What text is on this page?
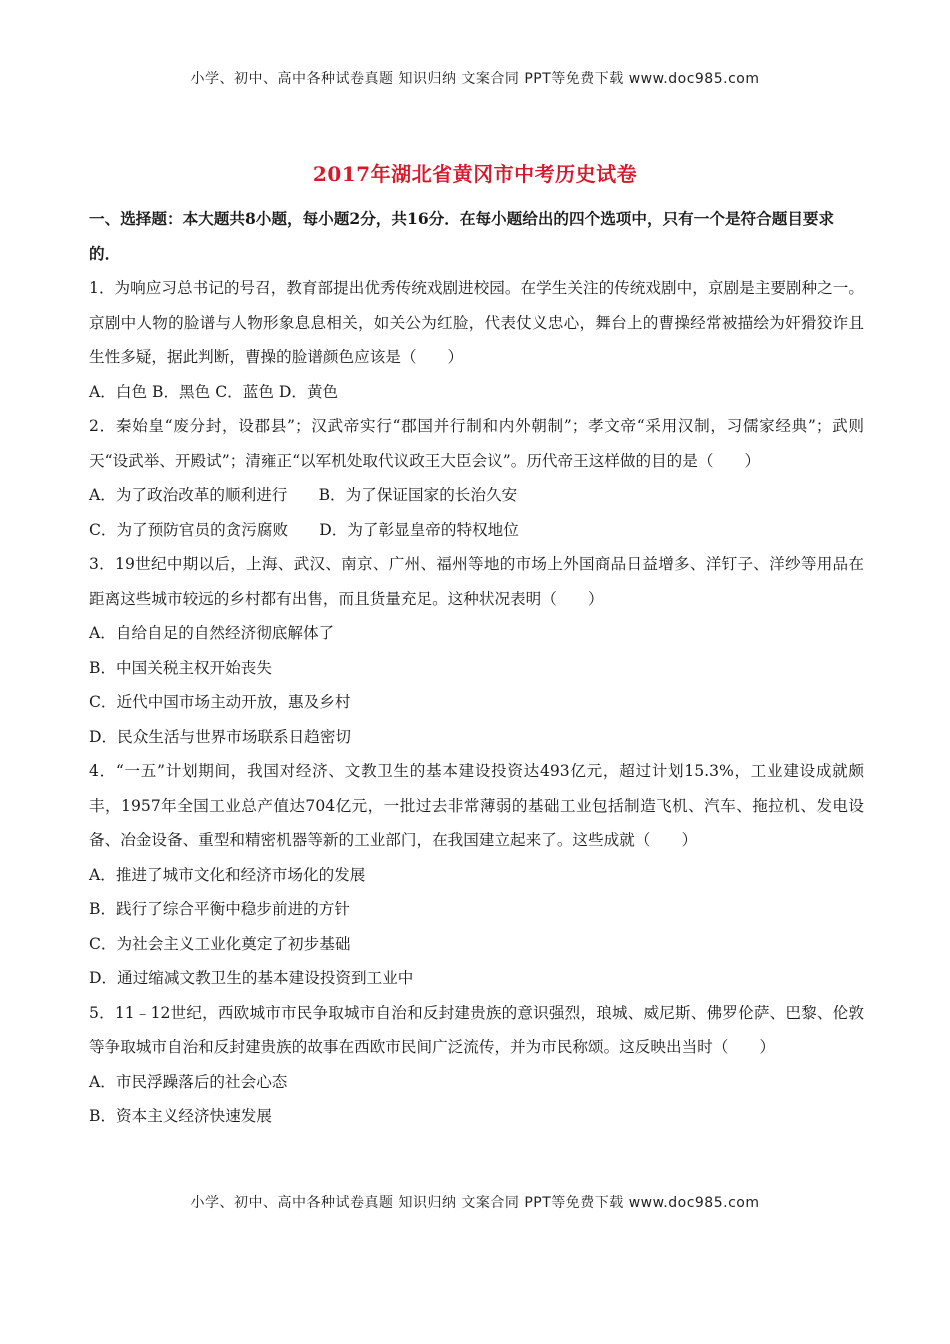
小学、初中、高中各种试卷真题 知识归纳 文案合同 PPT等免费下载 www.doc985.com
2017年湖北省黄冈市中考历史试卷
一、选择题：本大题共8小题，每小题2分，共16分．在每小题给出的四个选项中，只有一个是符合题目要求的．

1．为响应习总书记的号召，教育部提出优秀传统戏剧进校园。在学生关注的传统戏剧中，京剧是主要剧种之一。京剧中人物的脸谱与人物形象息息相关，如关公为红脸，代表仗义忠心，舞台上的曹操经常被描绘为奸猾狡诈且生性多疑，据此判断，曹操的脸谱颜色应该是（　　）

A．白色 B．黑色 C．蓝色 D．黄色

2．秦始皇“废分封，设郡县”；汉武帝实行“郡国并行制和内外朝制”；孝文帝“采用汉制，习儒家经典”；武则天“设武举、开殿试”；清雍正“以军机处取代议政王大臣会议”。历代帝王这样做的目的是（　　）

A．为了政治改革的顺利进行　　B．为了保证国家的长治久安

C．为了预防官员的贪污腐败　　D．为了彰显皇帝的特权地位

3．19世纪中期以后，上海、武汉、南京、广州、福州等地的市场上外国商品日益增多、洋钉子、洋纱等用品在距离这些城市较远的乡村都有出售，而且货量充足。这种状况表明（　　）

A．自给自足的自然经济彻底解体了

B．中国关税主权开始丧失

C．近代中国市场主动开放，惠及乡村

D．民众生活与世界市场联系日趋密切

4．“一五”计划期间，我国对经济、文教卫生的基本建设投资达493亿元，超过计划15.3%，工业建设成就颇丰，1957年全国工业总产值达704亿元，一批过去非常薄弱的基础工业包括制造飞机、汽车、拖拉机、发电设备、冶金设备、重型和精密机器等新的工业部门，在我国建立起来了。这些成就（　　）

A．推进了城市文化和经济市场化的发展

B．践行了综合平衡中稳步前进的方针

C．为社会主义工业化奠定了初步基础

D．通过缩减文教卫生的基本建设投资到工业中

5．11﹣12世纪，西欧城市市民争取城市自治和反封建贵族的意识强烈，琅城、威尼斯、佛罗伦萨、巴黎、伦敦等争取城市自治和反封建贵族的故事在西欧市民间广泛流传，并为市民称颂。这反映出当时（　　）

A．市民浮躁落后的社会心态

B．资本主义经济快速发展

小学、初中、高中各种试卷真题 知识归纳 文案合同 PPT等免费下载 www.doc985.com
